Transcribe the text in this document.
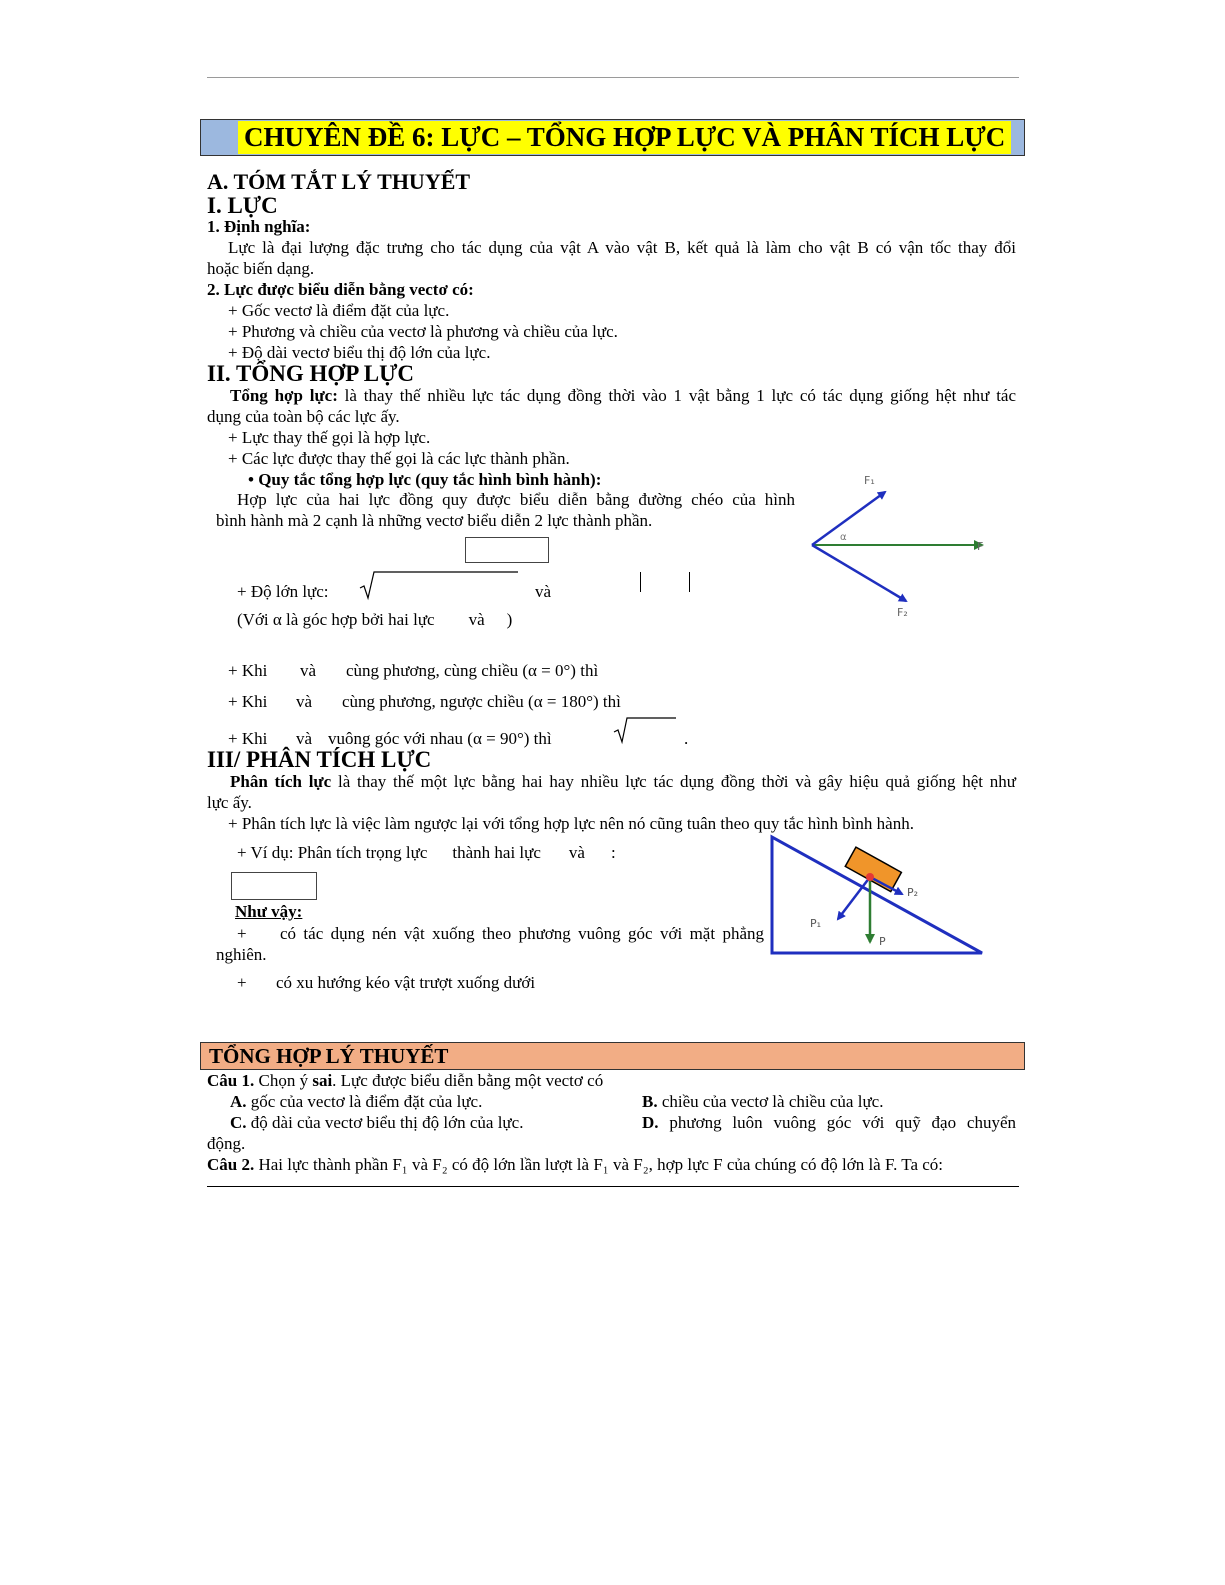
CHUYÊN ĐỀ 6: LỰC – TỔNG HỢP LỰC VÀ PHÂN TÍCH LỰC
A. TÓM TẮT LÝ THUYẾT
I. LỰC
1. Định nghĩa:
Lực là đại lượng đặc trưng cho tác dụng của vật A vào vật B, kết quả là làm cho vật B có vận tốc thay đổi
hoặc biến dạng.
2. Lực được biểu diễn bằng vectơ có:
+ Gốc vectơ là điểm đặt của lực.
+ Phương và chiều của vectơ là phương và chiều của lực.
+ Độ dài vectơ biểu thị độ lớn của lực.
II. TỔNG HỢP LỰC
Tổng hợp lực: là thay thế nhiều lực tác dụng đồng thời vào 1 vật bằng 1 lực có tác dụng giống hệt như tác
dụng của toàn bộ các lực ấy.
+ Lực thay thế gọi là hợp lực.
+ Các lực được thay thế gọi là các lực thành phần.
• Quy tắc tổng hợp lực (quy tắc hình bình hành):
Hợp lực của hai lực đồng quy được biểu diễn bằng đường chéo của hình
bình hành mà 2 cạnh là những vectơ biểu diễn 2 lực thành phần.
+ Độ lớn lực:	và
(Với α là góc hợp bởi hai lực và )
+ Khi và cùng phương, cùng chiều (α = 0°) thì
+ Khi và cùng phương, ngược chiều (α = 180°) thì
+ Khi và vuông góc với nhau (α = 90°) thì	.
F₁
F₂
F
α
III/ PHÂN TÍCH LỰC
Phân tích lực là thay thế một lực bằng hai hay nhiều lực tác dụng đồng thời và gây hiệu quả giống hệt như
lực ấy.
+ Phân tích lực là việc làm ngược lại với tổng hợp lực nên nó cũng tuân theo quy tắc hình bình hành.
+ Ví dụ: Phân tích trọng lực thành hai lực và :
Như vậy:
+ có tác dụng nén vật xuống theo phương vuông góc với mặt phẳng
nghiên.
+ có xu hướng kéo vật trượt xuống dưới
P₁
P₂
P
TỔNG HỢP LÝ THUYẾT
Câu 1. Chọn ý sai. Lực được biểu diễn bằng một vectơ có
A. gốc của vectơ là điểm đặt của lực.	B. chiều của vectơ là chiều của lực.
C. độ dài của vectơ biểu thị độ lớn của lực.	D. phương luôn vuông góc với quỹ đạo chuyển
động.
Câu 2. Hai lực thành phần F₁ và F₂ có độ lớn lần lượt là F₁ và F₂, hợp lực F của chúng có độ lớn là F. Ta có:
